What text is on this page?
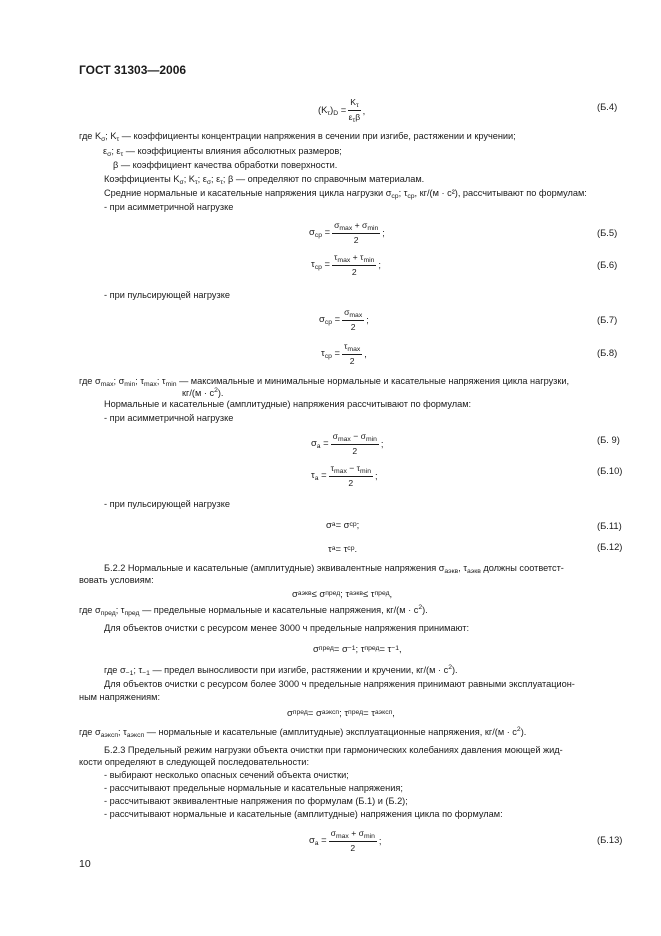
ГОСТ 31303—2006
$(K_\tau)_D = \frac{K_\tau}{\varepsilon_\tau\beta}$ ,	(Б.4)
где $K_\sigma$; $K_\tau$ — коэффициенты концентрации напряжения в сечении при изгибе, растяжении и кручении;
$\varepsilon_\sigma$; $\varepsilon_\tau$ — коэффициенты влияния абсолютных размеров;
β — коэффициент качества обработки поверхности.
Коэффициенты $K_\sigma$; $K_\tau$; $\varepsilon_\sigma$; $\varepsilon_\tau$; β — определяют по справочным материалам.
Средние нормальные и касательные напряжения цикла нагрузки $\sigma_{ср}$; $\tau_{ср}$, кг/(м · с²), рассчитывают по формулам:
- при асимметричной нагрузке
$\sigma_{ср} = \frac{\sigma_{max} + \sigma_{min}}{2}$ ;	(Б.5)
$\tau_{ср} = \frac{\tau_{max} + \tau_{min}}{2}$ ;	(Б.6)
- при пульсирующей нагрузке
$\sigma_{ср} = \frac{\sigma_{max}}{2}$ ;	(Б.7)
$\tau_{ср} = \frac{\tau_{max}}{2}$ ,	(Б.8)
где $\sigma_{max}$; $\sigma_{min}$; $\tau_{max}$; $\tau_{min}$ — максимальные и минимальные нормальные и касательные напряжения цикла нагрузки,
$кг/(м \cdot с^2)$.
Нормальные и касательные (амплитудные) напряжения рассчитывают по формулам:
- при асимметричной нагрузке
$\sigma_а = \frac{\sigma_{max} - \sigma_{min}}{2}$ ;	(Б. 9)
$\tau_а = \frac{\tau_{max} - \tau_{min}}{2}$ ;	(Б.10)
- при пульсирующей нагрузке
σ а = σ ср ;	(Б.11)
τ а = τ ср .	(Б.12)
Б.2.2 Нормальные и касательные (амплитудные) эквивалентные напряжения $\sigma_{аэкв}$, $\tau_{аэкв}$ должны соответст-
вовать условиям:
σ аэкв ≤ σ пред ; τ аэкв ≤ τ пред ,
где $\sigma_{пред}$; $\tau_{пред}$ — предельные нормальные и касательные напряжения, $кг/(м \cdot с^2)$.
Для объектов очистки с ресурсом менее 3000 ч предельные напряжения принимают:
σ пред = σ −1 ; τ пред = τ −1 ,
где $\sigma_{-1}$; $\tau_{-1}$ — предел выносливости при изгибе, растяжении и кручении, $кг/(м \cdot с^2)$.
Для объектов очистки с ресурсом более 3000 ч предельные напряжения принимают равными эксплуатацион-
ным напряжениям:
σ пред = σ аэксп ; τ пред = τ аэксп ,
где $\sigma_{аэксп}$; $\tau_{аэксп}$ — нормальные и касательные (амплитудные) эксплуатационные напряжения, $кг/(м \cdot с^2)$.
Б.2.3 Предельный режим нагрузки объекта очистки при гармонических колебаниях давления моющей жид-
кости определяют в следующей последовательности:
- выбирают несколько опасных сечений объекта очистки;
- рассчитывают предельные нормальные и касательные напряжения;
- рассчитывают эквивалентные напряжения по формулам (Б.1) и (Б.2);
- рассчитывают нормальные и касательные (амплитудные) напряжения цикла по формулам:
$\sigma_а = \frac{\sigma_{max} + \sigma_{min}}{2}$ ;	(Б.13)
10
